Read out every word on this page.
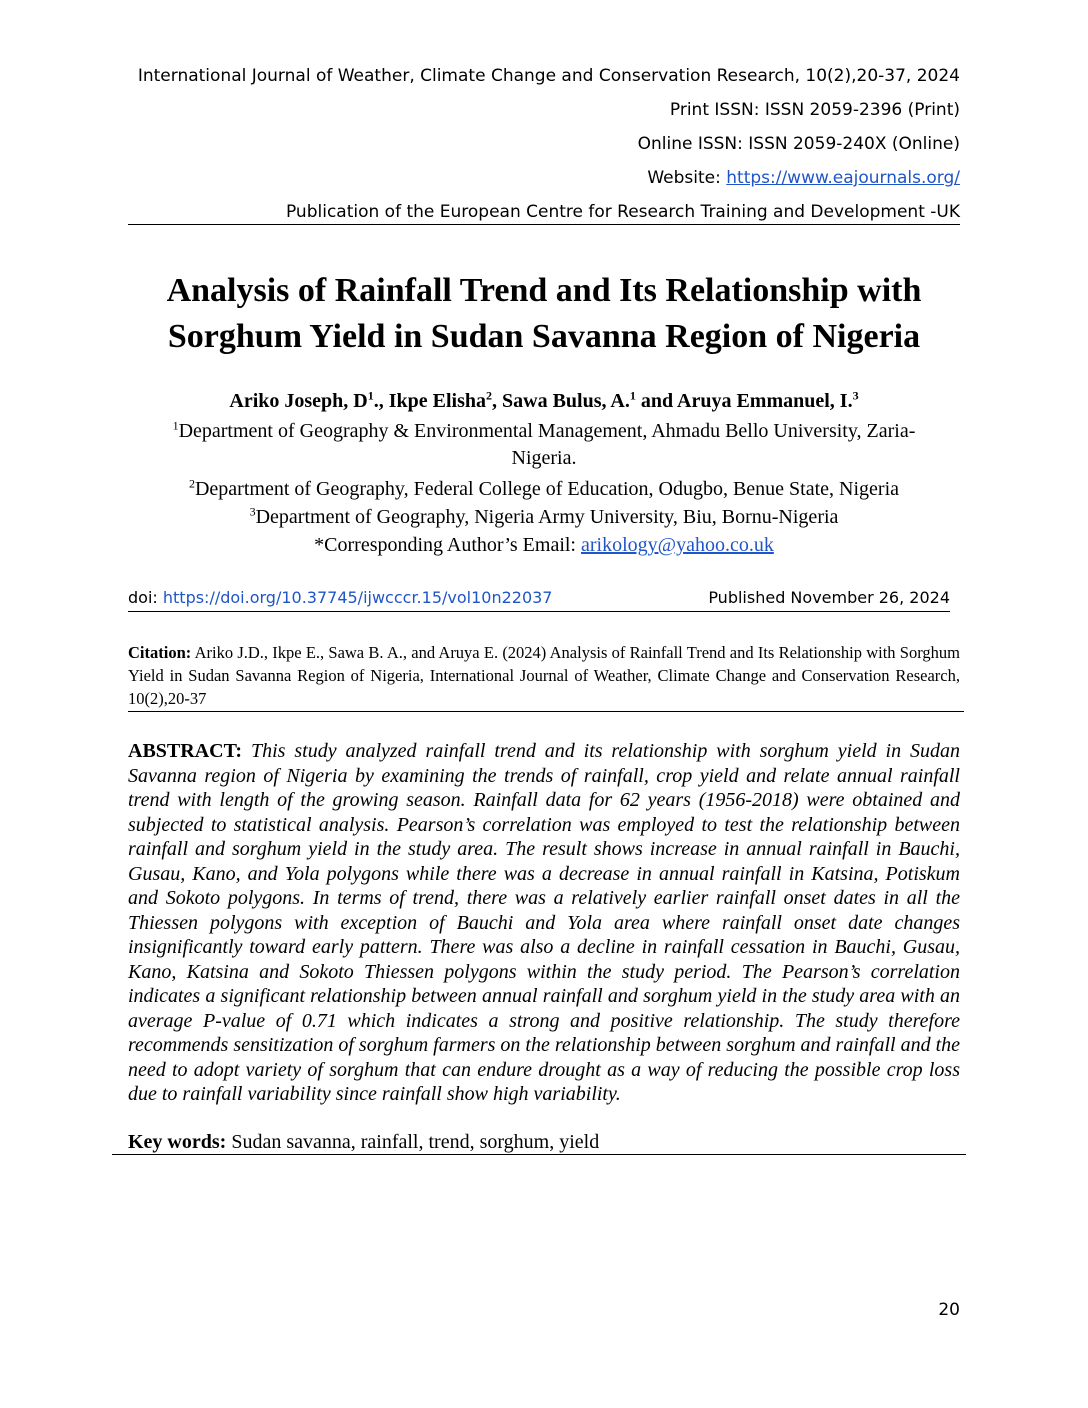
International Journal of Weather, Climate Change and Conservation Research, 10(2),20-37, 2024
Print ISSN: ISSN 2059-2396 (Print)
Online ISSN: ISSN 2059-240X (Online)
Website: https://www.eajournals.org/
Publication of the European Centre for Research Training and Development -UK
Analysis of Rainfall Trend and Its Relationship with
Sorghum Yield in Sudan Savanna Region of Nigeria
Ariko Joseph, $D^1$., Ikpe Elisha$^2$, Sawa Bulus, A.$^1$ and Aruya Emmanuel, I.$^3$
$^1$Department of Geography & Environmental Management, Ahmadu Bello University, Zaria-
Nigeria.
$^2$Department of Geography, Federal College of Education, Odugbo, Benue State, Nigeria
$^3$Department of Geography, Nigeria Army University, Biu, Bornu-Nigeria
*Corresponding Author’s Email: arikology@yahoo.co.uk
doi: https://doi.org/10.37745/ijwcccr.15/vol10n22037	Published November 26, 2024
Citation: Ariko J.D., Ikpe E., Sawa B. A., and Aruya E. (2024) Analysis of Rainfall Trend and Its Relationship with Sorghum Yield in Sudan Savanna Region of Nigeria, International Journal of Weather, Climate Change and Conservation Research, 10(2),20-37
ABSTRACT: This study analyzed rainfall trend and its relationship with sorghum yield in Sudan Savanna region of Nigeria by examining the trends of rainfall, crop yield and relate annual rainfall trend with length of the growing season. Rainfall data for 62 years (1956-2018) were obtained and subjected to statistical analysis. Pearson’s correlation was employed to test the relationship between rainfall and sorghum yield in the study area. The result shows increase in annual rainfall in Bauchi, Gusau, Kano, and Yola polygons while there was a decrease in annual rainfall in Katsina, Potiskum and Sokoto polygons. In terms of trend, there was a relatively earlier rainfall onset dates in all the Thiessen polygons with exception of Bauchi and Yola area where rainfall onset date changes insignificantly toward early pattern. There was also a decline in rainfall cessation in Bauchi, Gusau, Kano, Katsina and Sokoto Thiessen polygons within the study period. The Pearson’s correlation indicates a significant relationship between annual rainfall and sorghum yield in the study area with an average P-value of 0.71 which indicates a strong and positive relationship. The study therefore recommends sensitization of sorghum farmers on the relationship between sorghum and rainfall and the need to adopt variety of sorghum that can endure drought as a way of reducing the possible crop loss due to rainfall variability since rainfall show high variability.
Key words: Sudan savanna, rainfall, trend, sorghum, yield
20
